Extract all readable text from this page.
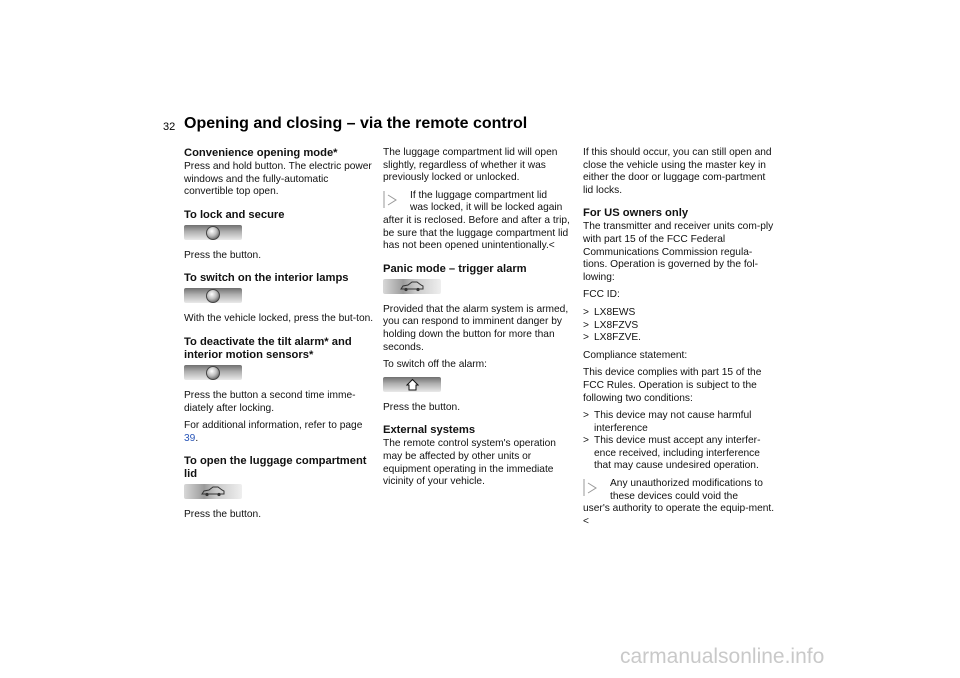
32 Opening and closing – via the remote control
Convenience opening mode*

Press and hold button. The electric power windows and the fully-automatic convertible top open.

To lock and secure

Press the button.

To switch on the interior lamps

With the vehicle locked, press the but-ton.

To deactivate the tilt alarm* and interior motion sensors*

Press the button a second time imme-diately after locking.

For additional information, refer to page 39.

To open the luggage compartment lid

Press the button.

The luggage compartment lid will open slightly, regardless of whether it was previously locked or unlocked.

If the luggage compartment lid
was locked, it will be locked again
after it is reclosed. Before and after a trip, be sure that the luggage compartment lid has not been opened unintentionally.<
Panic mode – trigger alarm

Provided that the alarm system is armed, you can respond to imminent danger by holding down the button for more than seconds.

To switch off the alarm:

Press the button.

External systems

The remote control system's operation may be affected by other units or equipment operating in the immediate vicinity of your vehicle.

If this should occur, you can still open and close the vehicle using the master key in either the door or luggage com-partment lid locks.

For US owners only

The transmitter and receiver units com-ply with part 15 of the FCC Federal Communications Commission regula-tions. Operation is governed by the fol-lowing:

FCC ID:

> LX8EWS
> LX8FZVS
> LX8FZVE.

Compliance statement:

This device complies with part 15 of the FCC Rules. Operation is subject to the following two conditions:

> This device may not cause harmful interference
> This device must accept any interfer-ence received, including interference that may cause undesired operation.
Any unauthorized modifications to
these devices could void the
user's authority to operate the equip-ment.<
carmanualsonline.info
